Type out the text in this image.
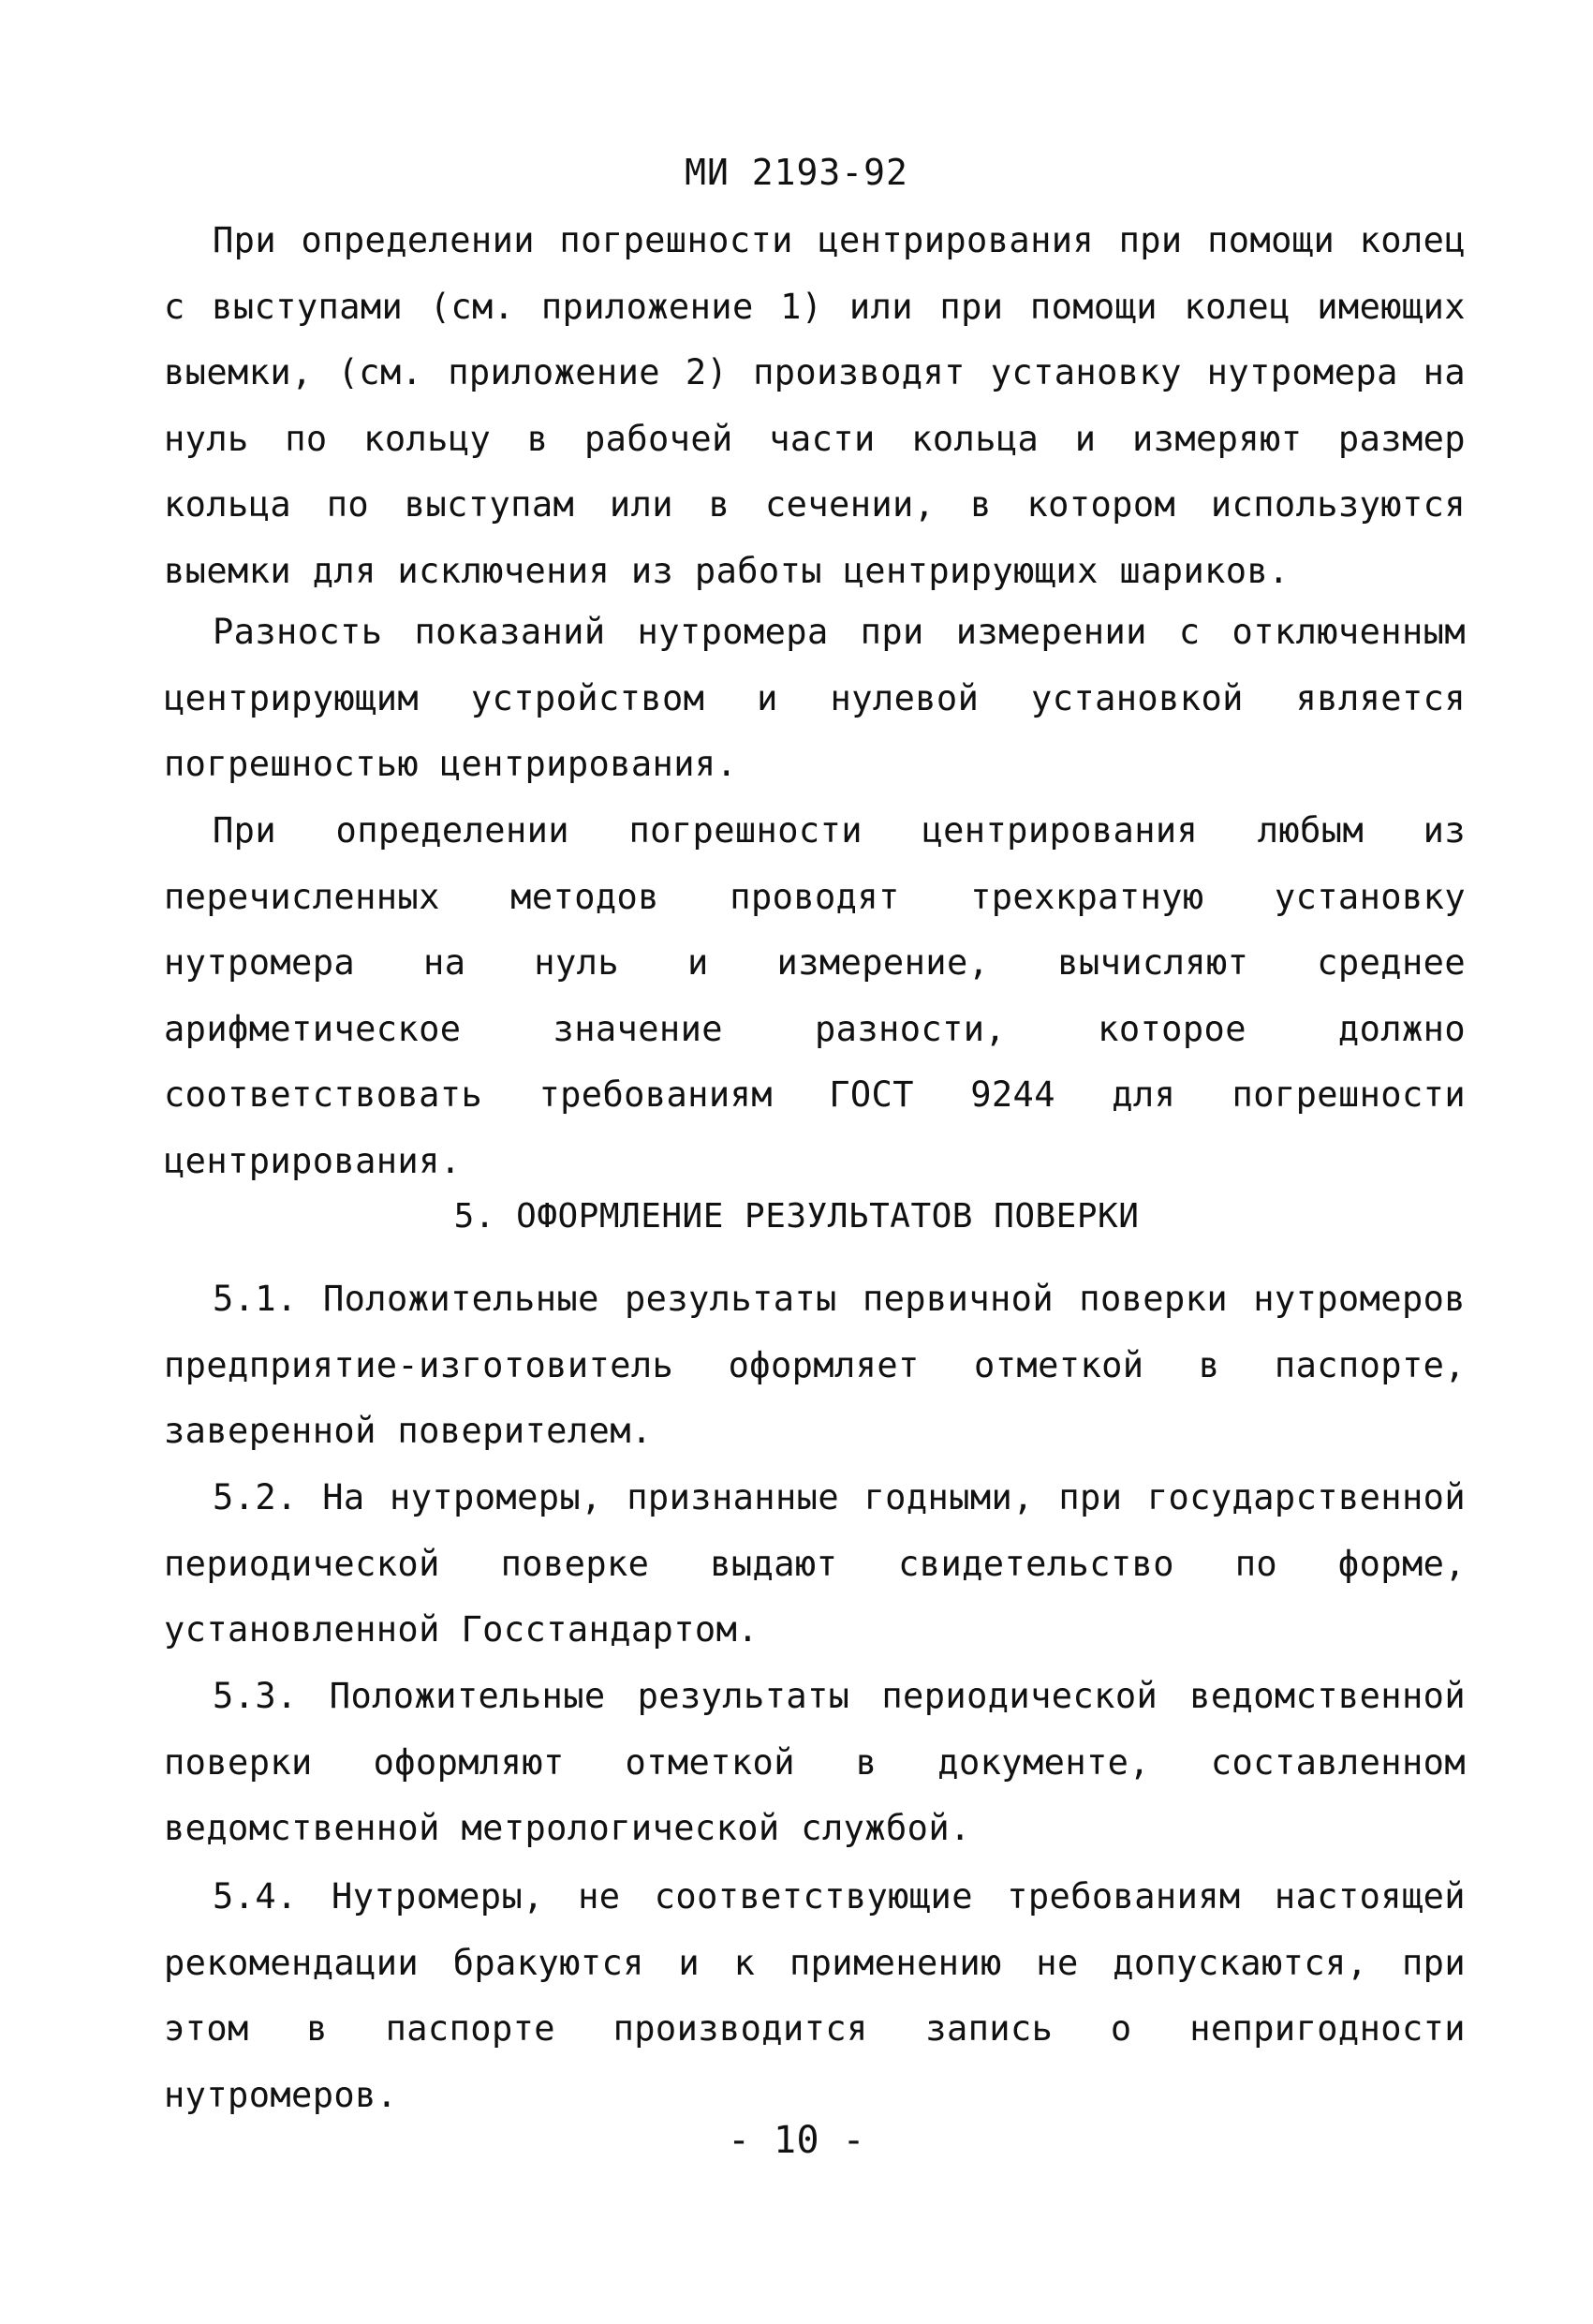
МИ 2193-92

При определении погрешности центрирования при помощи колец с выступами (см. приложение 1) или при помощи колец имеющих выемки, (см. приложение 2) производят установку нутромера на нуль по кольцу в рабочей части кольца и измеряют размер кольца по выступам или в сечении, в котором используются выемки для исключения из работы центрирующих шариков.

Разность показаний нутромера при измерении с отключенным центрирующим устройством и нулевой установкой является погрешностью центрирования.

При определении погрешности центрирования любым из перечисленных методов проводят трехкратную установку нутромера на нуль и измерение, вычисляют среднее арифметическое значение разности, которое должно соответствовать требованиям ГОСТ 9244 для погрешности центрирования.

5. ОФОРМЛЕНИЕ РЕЗУЛЬТАТОВ ПОВЕРКИ

5.1. Положительные результаты первичной поверки нутромеров предприятие-изготовитель оформляет отметкой в паспорте, заверенной поверителем.

5.2. На нутромеры, признанные годными, при государственной периодической поверке выдают свидетельство по форме, установленной Госстандартом.

5.3. Положительные результаты периодической ведомственной поверки оформляют отметкой в документе, составленном ведомственной метрологической службой.

5.4. Нутромеры, не соответствующие требованиям настоящей рекомендации бракуются и к применению не допускаются, при этом в паспорте производится запись о непригодности нутромеров.

- 10 -
